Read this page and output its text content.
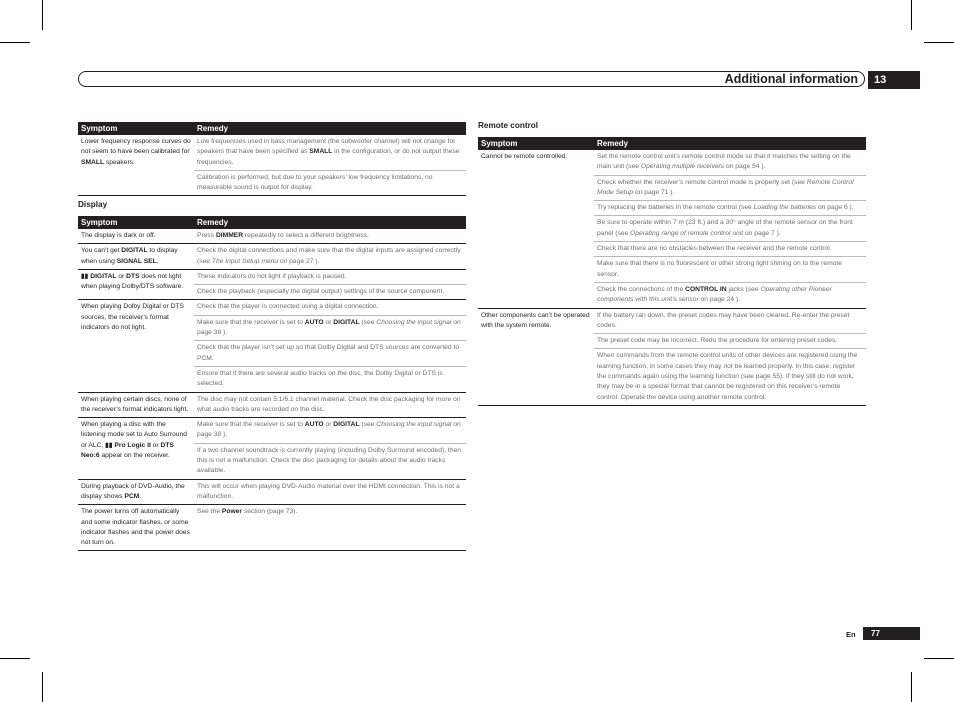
Additional information	13
Symptom	Remedy
Lower frequency response curves do not seem to have been calibrated for SMALL speakers.	Low frequencies used in bass management (the subwoofer channel) will not change for speakers that have been specified as SMALL in the configuration, or do not output these frequencies.
	Calibration is performed, but due to your speakers’ low frequency limitations, no measurable sound is output for display.
Display
Symptom	Remedy
The display is dark or off.	Press DIMMER repeatedly to select a different brightness.
You can’t get DIGITAL to display when using SIGNAL SEL.	Check the digital connections and make sure that the digital inputs are assigned correctly (see The Input Setup menu on page 27 ).
▮▮ DIGITAL or DTS does not light when playing Dolby/DTS software.	These indicators do not light if playback is paused.
	Check the playback (especially the digital output) settings of the source component.
When playing Dolby Digital or DTS sources, the receiver’s format indicators do not light.	Check that the player is connected using a digital connection.
	Make sure that the receiver is set to AUTO or DIGITAL (see Choosing the input signal on page 38 ).
	Check that the player isn’t set up so that Dolby Digital and DTS sources are converted to PCM.
	Ensure that if there are several audio tracks on the disc, the Dolby Digital or DTS is selected.
When playing certain discs, none of the receiver’s format indicators light.	The disc may not contain 5.1/6.1 channel material. Check the disc packaging for more on what audio tracks are recorded on the disc.
When playing a disc with the listening mode set to Auto Surround or ALC, ▮▮ Pro Logic II or DTS Neo:6 appear on the receiver.	Make sure that the receiver is set to AUTO or DIGITAL (see Choosing the input signal on page 38 ).
	If a two channel soundtrack is currently playing (including Dolby Surround encoded), then this is not a malfunction. Check the disc packaging for details about the audio tracks available.
During playback of DVD-Audio, the display shows PCM.	This will occur when playing DVD-Audio material over the HDMI connection. This is not a malfunction.
The power turns off automatically and some indicator flashes, or some indicator flashes and the power does not turn on.	See the Power section (page 73).
Remote control
Symptom	Remedy
Cannot be remote controlled.	Set the remote control unit’s remote control mode so that it matches the setting on the main unit (see Operating multiple receivers on page 54 ).
	Check whether the receiver’s remote control mode is properly set (see Remote Control Mode Setup on page 71 ).
	Try replacing the batteries in the remote control (see Loading the batteries on page 6 ).
	Be sure to operate within 7 m (23 ft.) and a 30° angle of the remote sensor on the front panel (see Operating range of remote control unit on page 7 ).
	Check that there are no obstacles between the receiver and the remote control.
	Make sure that there is no fluorescent or other strong light shining on to the remote sensor.
	Check the connections of the CONTROL IN jacks (see Operating other Pioneer components with this unit’s sensor on page 24 ).
Other components can’t be operated with the system remote.	If the battery ran down, the preset codes may have been cleared. Re-enter the preset codes.
	The preset code may be incorrect. Redo the procedure for entering preset codes.
	When commands from the remote control units of other devices are registered using the learning function, in some cases they may not be learned properly. In this case, register the commands again using the learning function (see page 55). If they still do not work, they may be in a special format that cannot be registered on this receiver’s remote control. Operate the device using another remote control.
En	77
